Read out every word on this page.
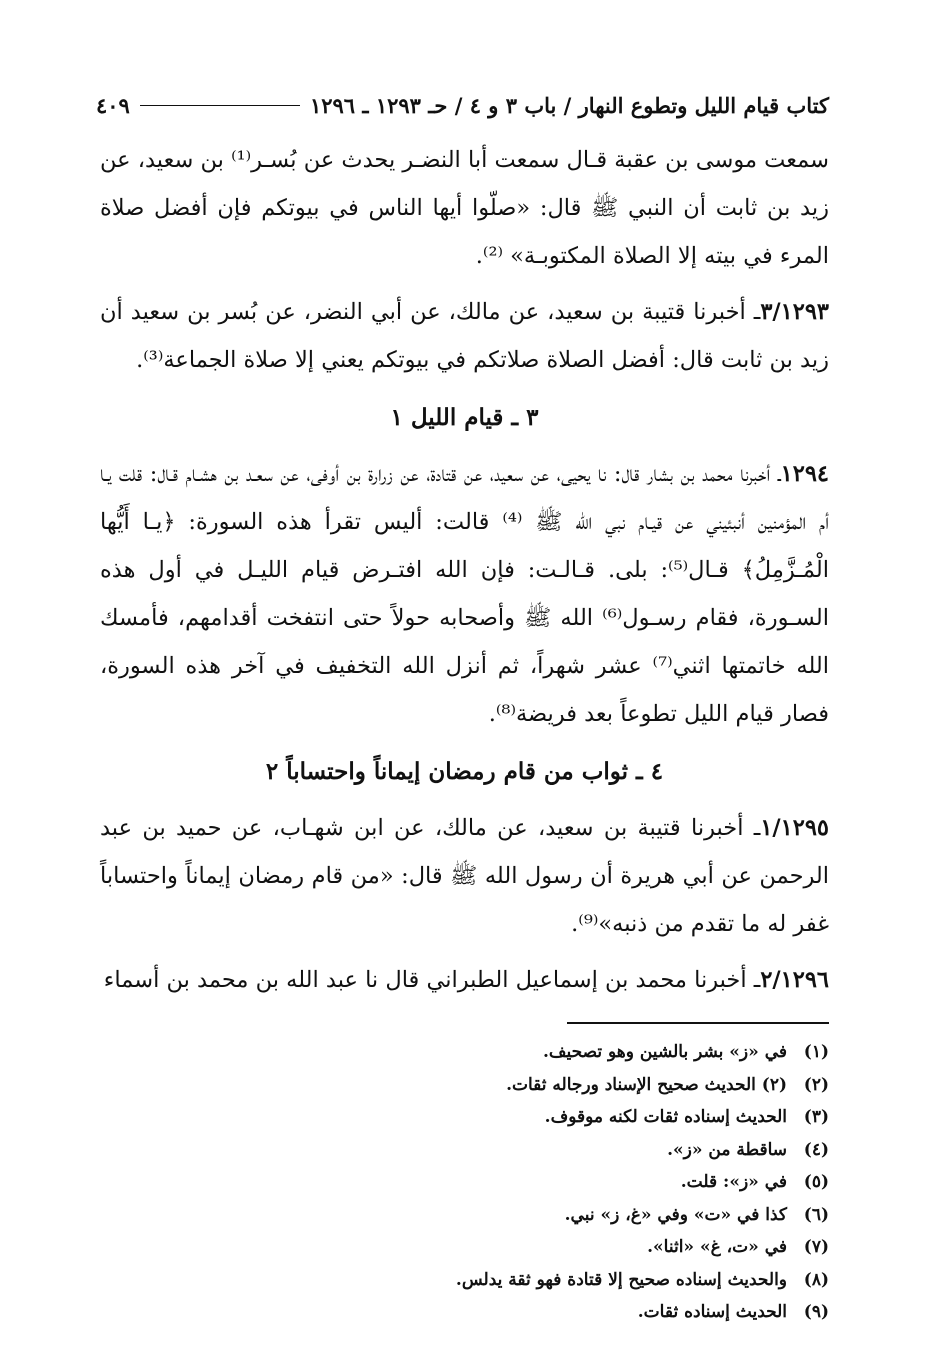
كتاب قيام الليل وتطوع النهار / باب ٣ و ٤ / حـ ١٢٩٣ ـ ١٢٩٦
٤٠٩

سمعت موسى بن عقبة قـال سمعت أبا النضـر يحدث عن بُسـر⁽¹⁾ بن سعيد، عن زيد بن ثابت أن النبي ﷺ قال: «صلّوا أيها الناس في بيوتكم فإن أفضل صلاة المرء في بيته إلا الصلاة المكتوبـة» ⁽²⁾.

٣/١٢٩٣ـ أخبرنا قتيبة بن سعيد، عن مالك، عن أبي النضر، عن بُسر بن سعيد أن زيد بن ثابت قال: أفضل الصلاة صلاتكم في بيوتكم يعني إلا صلاة الجماعة⁽³⁾.

٣ ـ قيام الليل ١

١٢٩٤ـ أخبرنا محمد بن بشار قال: نا يحيى، عن سعيد، عن قتادة، عن زرارة بن أوفى، عن سعـد بن هشـام قـال: قلت يـا أم المؤمنين أنبئيني عن قيـام نبي الله ﷺ ⁽⁴⁾ قالت: أليس تقرأ هذه السورة: ﴿يـا أَيُّها الْمُـزَّمِلُ﴾ قـال⁽⁵⁾: بلى. قـالـت: فإن الله افتـرض قيام الليـل في أول هذه السـورة، فقام رسـول⁽⁶⁾ الله ﷺ وأصحابه حولاً حتى انتفخت أقدامهم، فأمسك الله خاتمتها اثني⁽⁷⁾ عشر شهراً، ثم أنزل الله التخفيف في آخر هذه السورة، فصار قيام الليل تطوعاً بعد فريضة⁽⁸⁾.

٤ ـ ثواب من قام رمضان إيماناً واحتساباً ٢

١/١٢٩٥ـ أخبرنا قتيبة بن سعيد، عن مالك، عن ابن شهـاب، عن حميد بن عبد الرحمن عن أبي هريرة أن رسول الله ﷺ قال: «من قام رمضان إيماناً واحتساباً غفر له ما تقدم من ذنبه»⁽⁹⁾.

٢/١٢٩٦ـ أخبرنا محمد بن إسماعيل الطبراني قال نا عبد الله بن محمد بن أسماء

(١)
في «ز» بشر بالشين وهو تصحيف.
(٢)
(٢) الحديث صحيح الإسناد ورجاله ثقات.
(٣)
الحديث إسناده ثقات لكنه موقوف.
(٤)
ساقطة من «ز».
(٥)
في «ز»: قلت.
(٦)
كذا في «ت» وفي «غ، ز» نبي.
(٧)
في «ت، غ» «اثنا».
(٨)
والحديث إسناده صحيح إلا قتادة فهو ثقة يدلس.
(٩)
الحديث إسناده ثقات.
